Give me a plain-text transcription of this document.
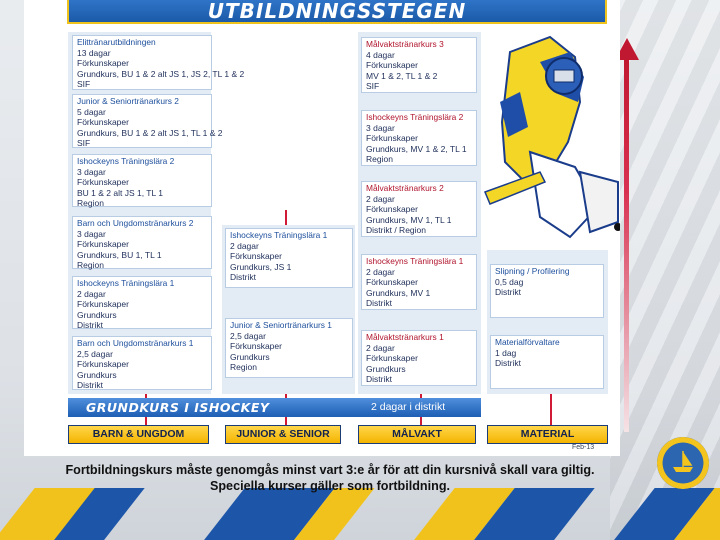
UTBILDNINGSSTEGEN
Elittränarutbildningen
13 dagar
Förkunskaper
Grundkurs, BU 1 & 2 alt JS 1, JS 2, TL 1 & 2
SIF
Junior & Seniortränarkurs 2
5 dagar
Förkunskaper
Grundkurs, BU 1 & 2 alt JS 1, TL 1 & 2
SIF
Ishockeyns Träningslära 2
3 dagar
Förkunskaper
BU 1 & 2 alt JS 1, TL 1
Region
Barn och Ungdomstränarkurs 2
3 dagar
Förkunskaper
Grundkurs, BU 1, TL 1
Region
Ishockeyns Träningslära 1
2 dagar
Förkunskaper
Grundkurs
Distrikt
Barn och Ungdomstränarkurs 1
2,5 dagar
Förkunskaper
Grundkurs
Distrikt
Ishockeyns Träningslära 1
2 dagar
Förkunskaper
Grundkurs, JS 1
Distrikt
Junior & Seniortränarkurs 1
2,5 dagar
Förkunskaper
Grundkurs
Region
Målvaktstränarkurs 3
4 dagar
Förkunskaper
MV 1 & 2, TL 1 & 2
SIF
Ishockeyns Träningslära 2
3 dagar
Förkunskaper
Grundkurs, MV 1 & 2, TL 1
Region
Målvaktstränarkurs 2
2 dagar
Förkunskaper
Grundkurs, MV 1, TL 1
Distrikt / Region
Ishockeyns Träningslära 1
2 dagar
Förkunskaper
Grundkurs, MV 1
Distrikt
Målvaktstränarkurs 1
2 dagar
Förkunskaper
Grundkurs
Distrikt
Slipning / Profilering
0,5 dag
Distrikt
Materialförvaltare
1 dag
Distrikt
GRUNDKURS I ISHOCKEY	2 dagar i distrikt
BARN & UNGDOM	JUNIOR & SENIOR	MÅLVAKT	MATERIAL
Feb-13
Fortbildningskurs måste genomgås minst vart 3:e år för att din kursnivå skall vara giltig. Speciella kurser gäller som fortbildning.
